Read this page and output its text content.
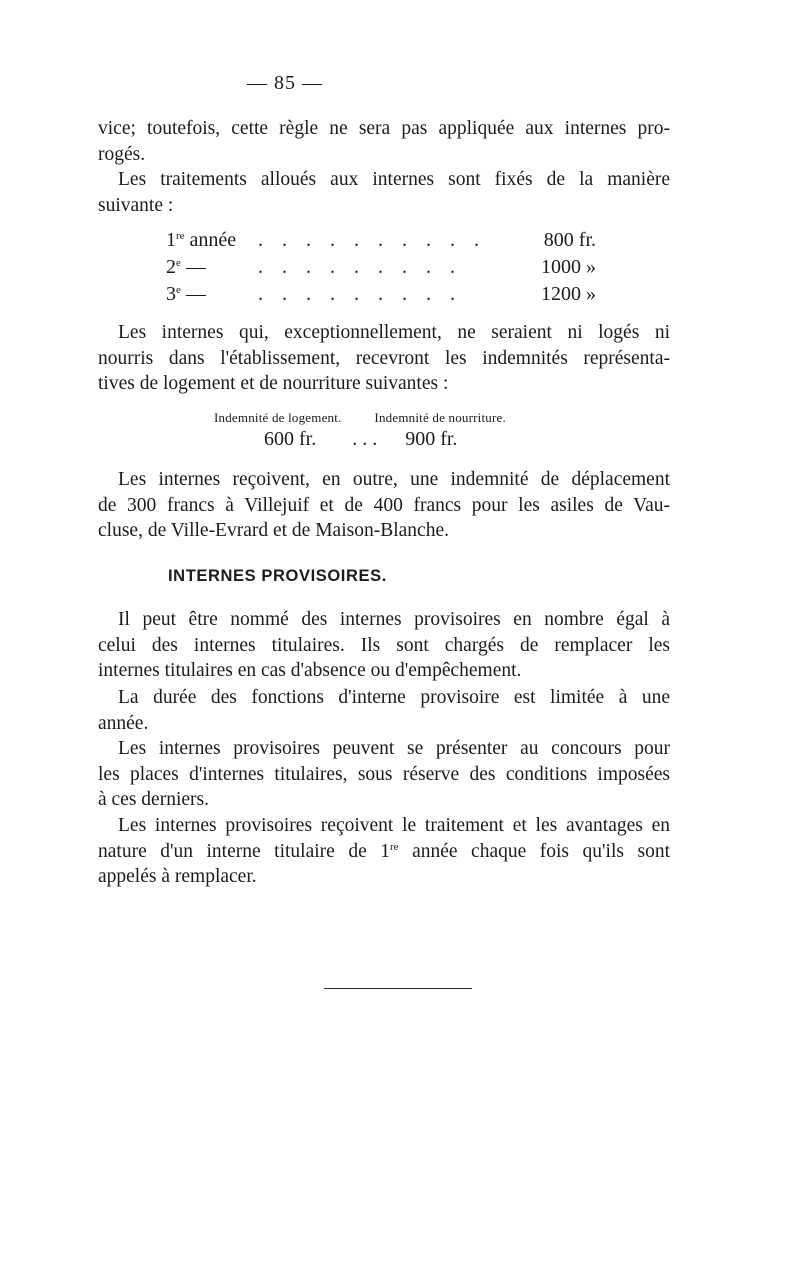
— 85 —
vice; toutefois, cette règle ne sera pas appliquée aux internes pro-
rogés.
Les traitements alloués aux internes sont fixés de la manière
suivante :
1re année . . . . . . . . . .	800 fr.
2e —	. . . . . . . . .	1000 »
3e —	. . . . . . . . .	1200 »
Les internes qui, exceptionnellement, ne seraient ni logés ni
nourris dans l'établissement, recevront les indemnités représenta-
tives de logement et de nourriture suivantes :
Indemnité de logement.	Indemnité de nourriture.
600 fr. . . . 900 fr.
Les internes reçoivent, en outre, une indemnité de déplacement
de 300 francs à Villejuif et de 400 francs pour les asiles de Vau-
cluse, de Ville-Evrard et de Maison-Blanche.
Il peut être nommé des internes provisoires en nombre égal à
celui des internes titulaires. Ils sont chargés de remplacer les
internes titulaires en cas d'absence ou d'empêchement.
La durée des fonctions d'interne provisoire est limitée à une
année.
Les internes provisoires peuvent se présenter au concours pour
les places d'internes titulaires, sous réserve des conditions imposées
à ces derniers.
Les internes provisoires reçoivent le traitement et les avantages en
nature d'un interne titulaire de 1re année chaque fois qu'ils sont
appelés à remplacer.
INTERNES PROVISOIRES.
